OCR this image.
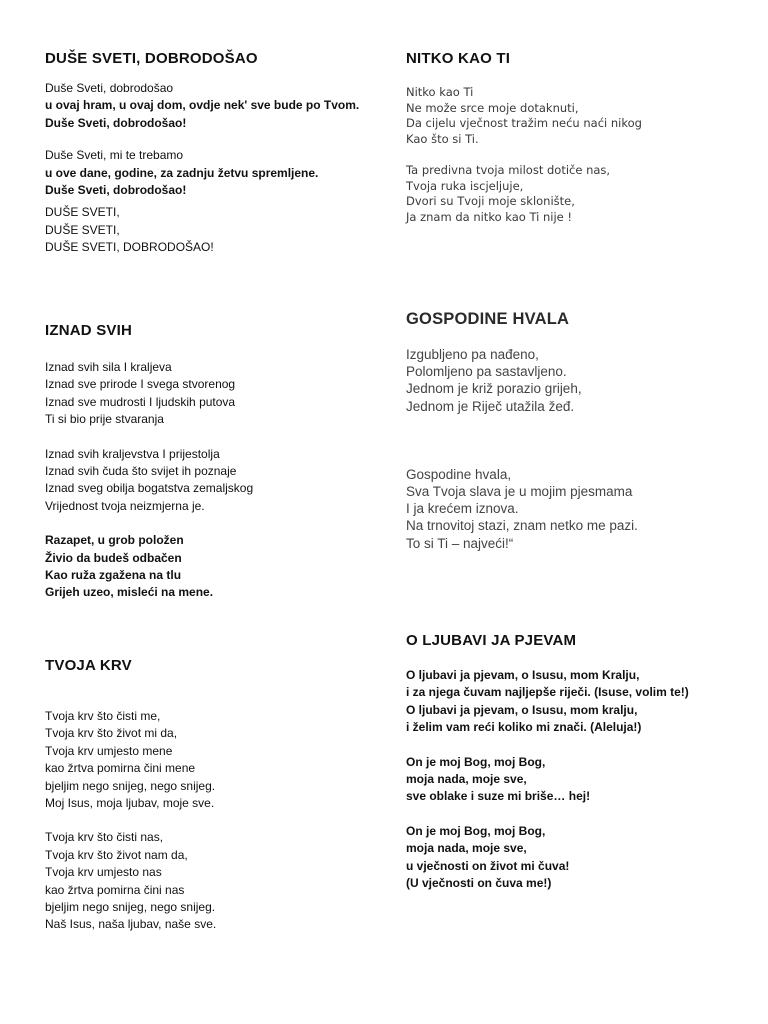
DUŠE SVETI, DOBRODOŠAO
Duše Sveti, dobrodošao
u ovaj hram, u ovaj dom, ovdje nek' sve bude po Tvom.
Duše Sveti, dobrodošao!
Duše Sveti, mi te trebamo
u ove dane, godine, za zadnju žetvu spremljene.
Duše Sveti, dobrodošao!
DUŠE SVETI,
DUŠE SVETI,
DUŠE SVETI, DOBRODOŠAO!
IZNAD SVIH
Iznad svih sila I kraljeva
Iznad sve prirode I svega stvorenog
Iznad sve mudrosti I ljudskih putova
Ti si bio prije stvaranja
Iznad svih kraljevstva I prijestolja
Iznad svih čuda što svijet ih poznaje
Iznad sveg obilja bogatstva zemaljskog
Vrijednost tvoja neizmjerna je.
Razapet, u grob položen
Živio da budeš odbačen
Kao ruža zgažena na tlu
Grijeh uzeo, misleći na mene.
TVOJA KRV
Tvoja krv što čisti me,
Tvoja krv što život mi da,
Tvoja krv umjesto mene
kao žrtva pomirna čini mene
bjeljim nego snijeg, nego snijeg.
Moj Isus, moja ljubav, moje sve.
Tvoja krv što čisti nas,
Tvoja krv što život nam da,
Tvoja krv umjesto nas
kao žrtva pomirna čini nas
bjeljim nego snijeg, nego snijeg.
Naš Isus, naša ljubav, naše sve.
NITKO KAO TI
Nitko kao Ti
Ne može srce moje dotaknuti,
Da cijelu vječnost tražim neću naći nikog
Kao što si Ti.
Ta predivna tvoja milost dotiče nas,
Tvoja ruka iscjeljuje,
Dvori su Tvoji moje sklonište,
Ja znam da nitko kao Ti nije !
GOSPODINE HVALA
Izgubljeno pa nađeno,
Polomljeno pa sastavljeno.
Jednom je križ porazio grijeh,
Jednom je Riječ utažila žeđ.
Gospodine hvala,
Sva Tvoja slava je u mojim pjesmama
I ja krećem iznova.
Na trnovitoj stazi, znam netko me pazi.
To si Ti – najveći!“
O LJUBAVI JA PJEVAM
O ljubavi ja pjevam, o Isusu, mom Kralju,
i za njega čuvam najljepše riječi. (Isuse, volim te!)
O ljubavi ja pjevam, o Isusu, mom kralju,
i želim vam reći koliko mi znači. (Aleluja!)
On je moj Bog, moj Bog,
moja nada, moje sve,
sve oblake i suze mi briše… hej!
On je moj Bog, moj Bog,
moja nada, moje sve,
u vječnosti on život mi čuva!
(U vječnosti on čuva me!)
